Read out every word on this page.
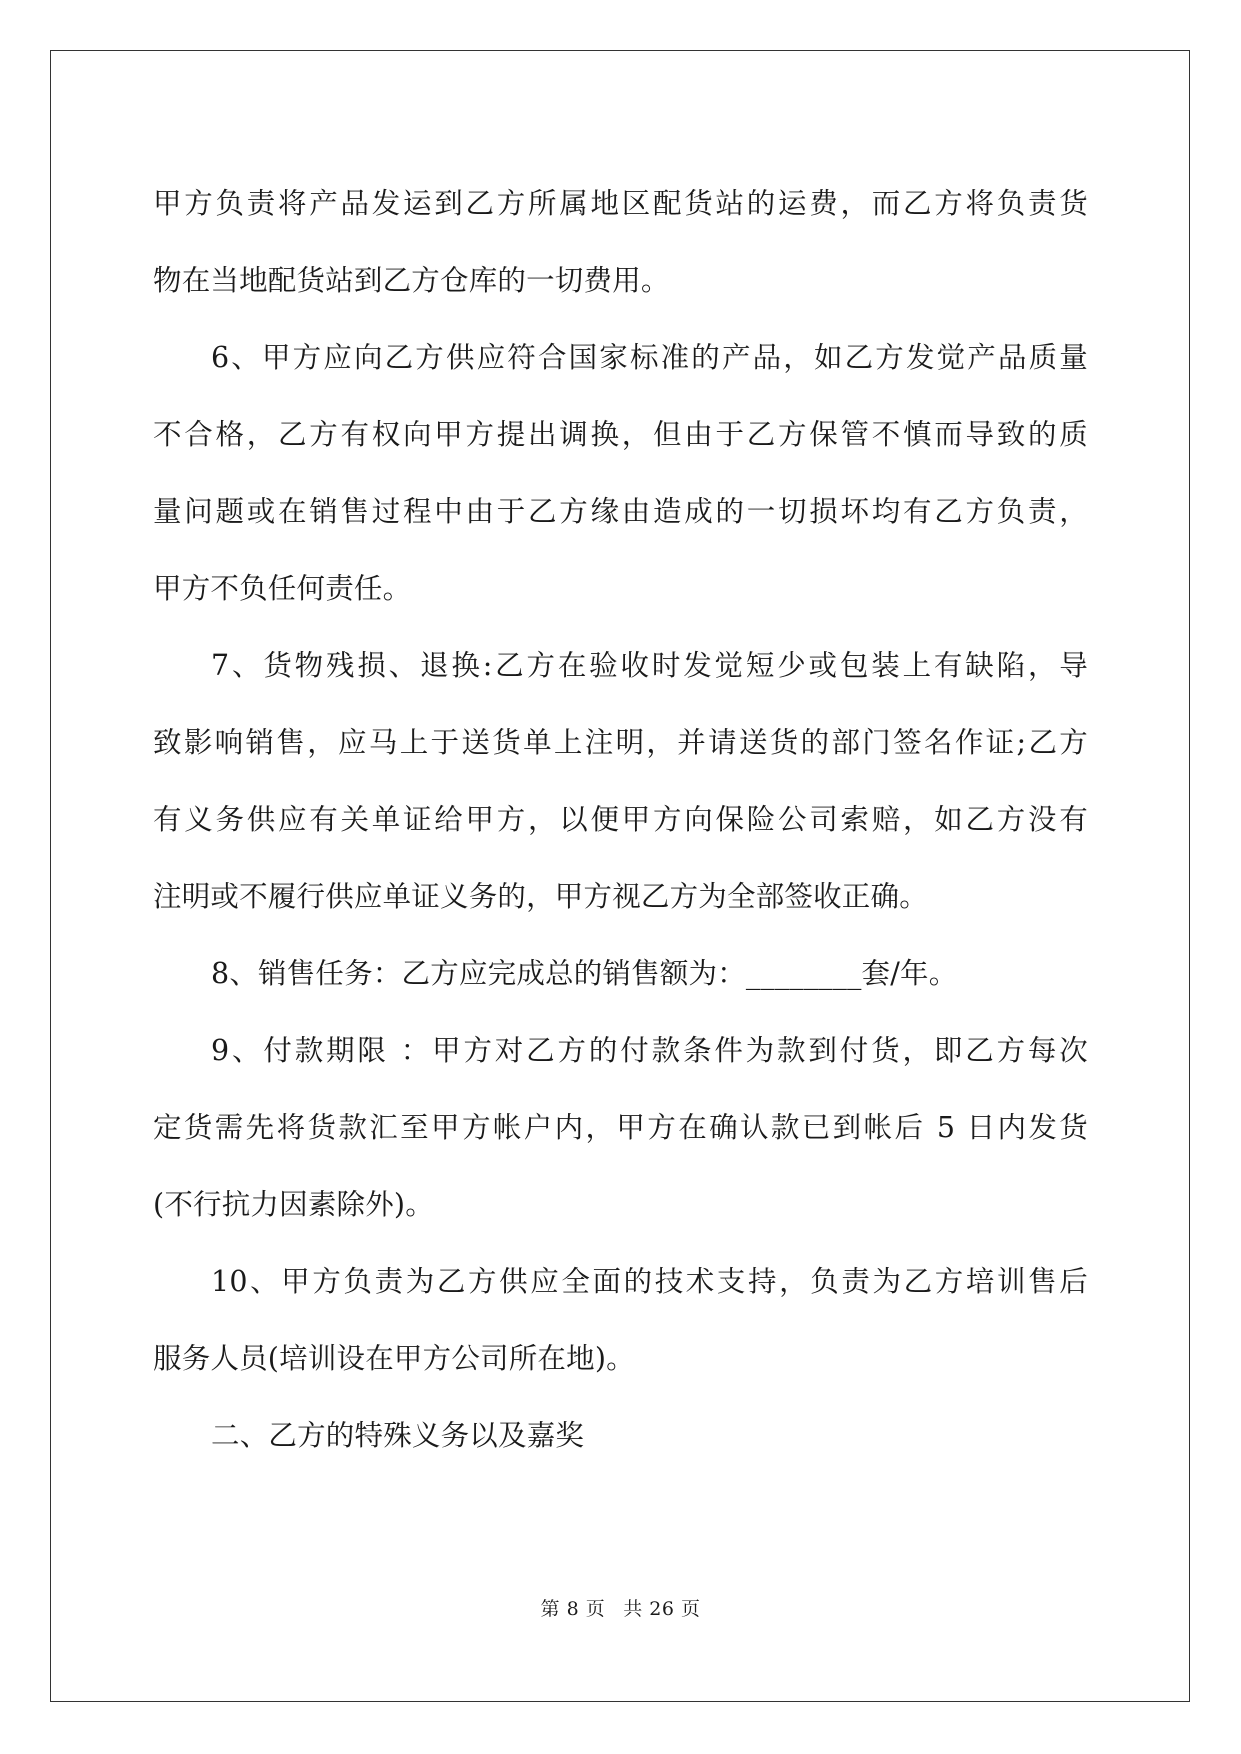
甲方负责将产品发运到乙方所属地区配货站的运费，而乙方将负责货
物在当地配货站到乙方仓库的一切费用。
6、甲方应向乙方供应符合国家标准的产品，如乙方发觉产品质量
不合格，乙方有权向甲方提出调换，但由于乙方保管不慎而导致的质
量问题或在销售过程中由于乙方缘由造成的一切损坏均有乙方负责，
甲方不负任何责任。
7、货物残损、退换:乙方在验收时发觉短少或包装上有缺陷，导
致影响销售，应马上于送货单上注明，并请送货的部门签名作证;乙方
有义务供应有关单证给甲方，以便甲方向保险公司索赔，如乙方没有
注明或不履行供应单证义务的，甲方视乙方为全部签收正确。
8、销售任务：乙方应完成总的销售额为：________套/年。
9、付款期限 ：甲方对乙方的付款条件为款到付货，即乙方每次
定货需先将货款汇至甲方帐户内，甲方在确认款已到帐后 5 日内发货
(不行抗力因素除外)。
10、甲方负责为乙方供应全面的技术支持，负责为乙方培训售后
服务人员(培训设在甲方公司所在地)。
二、乙方的特殊义务以及嘉奖
第 8 页 共 26 页
